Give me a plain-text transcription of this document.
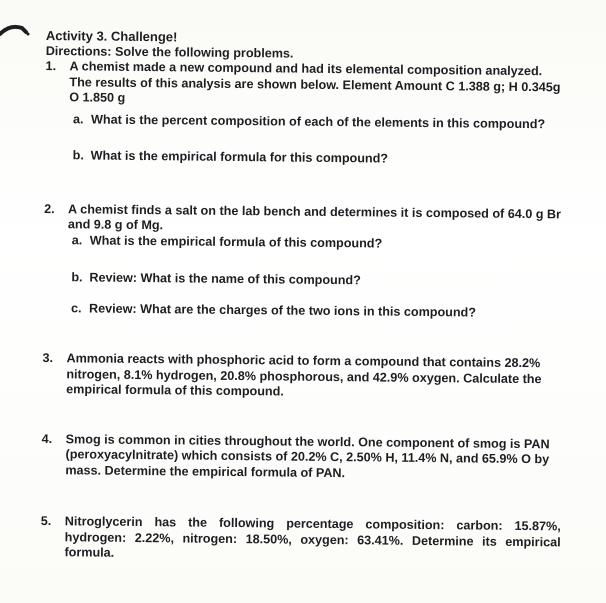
Activity 3. Challenge!

Directions: Solve the following problems.

1. A chemist made a new compound and had its elemental composition analyzed. The results of this analysis are shown below. Element Amount C 1.388 g; H 0.345g O 1.850 g
a. What is the percent composition of each of the elements in this compound?
b. What is the empirical formula for this compound?
2. A chemist finds a salt on the lab bench and determines it is composed of 64.0 g Br and 9.8 g of Mg.
a. What is the empirical formula of this compound?
b. Review: What is the name of this compound?
c. Review: What are the charges of the two ions in this compound?
3. Ammonia reacts with phosphoric acid to form a compound that contains 28.2% nitrogen, 8.1% hydrogen, 20.8% phosphorous, and 42.9% oxygen. Calculate the empirical formula of this compound.
4. Smog is common in cities throughout the world. One component of smog is PAN (peroxyacylnitrate) which consists of 20.2% C, 2.50% H, 11.4% N, and 65.9% O by mass. Determine the empirical formula of PAN.
5. Nitroglycerin has the following percentage composition: carbon: 15.87%, hydrogen: 2.22%, nitrogen: 18.50%, oxygen: 63.41%. Determine its empirical formula.
